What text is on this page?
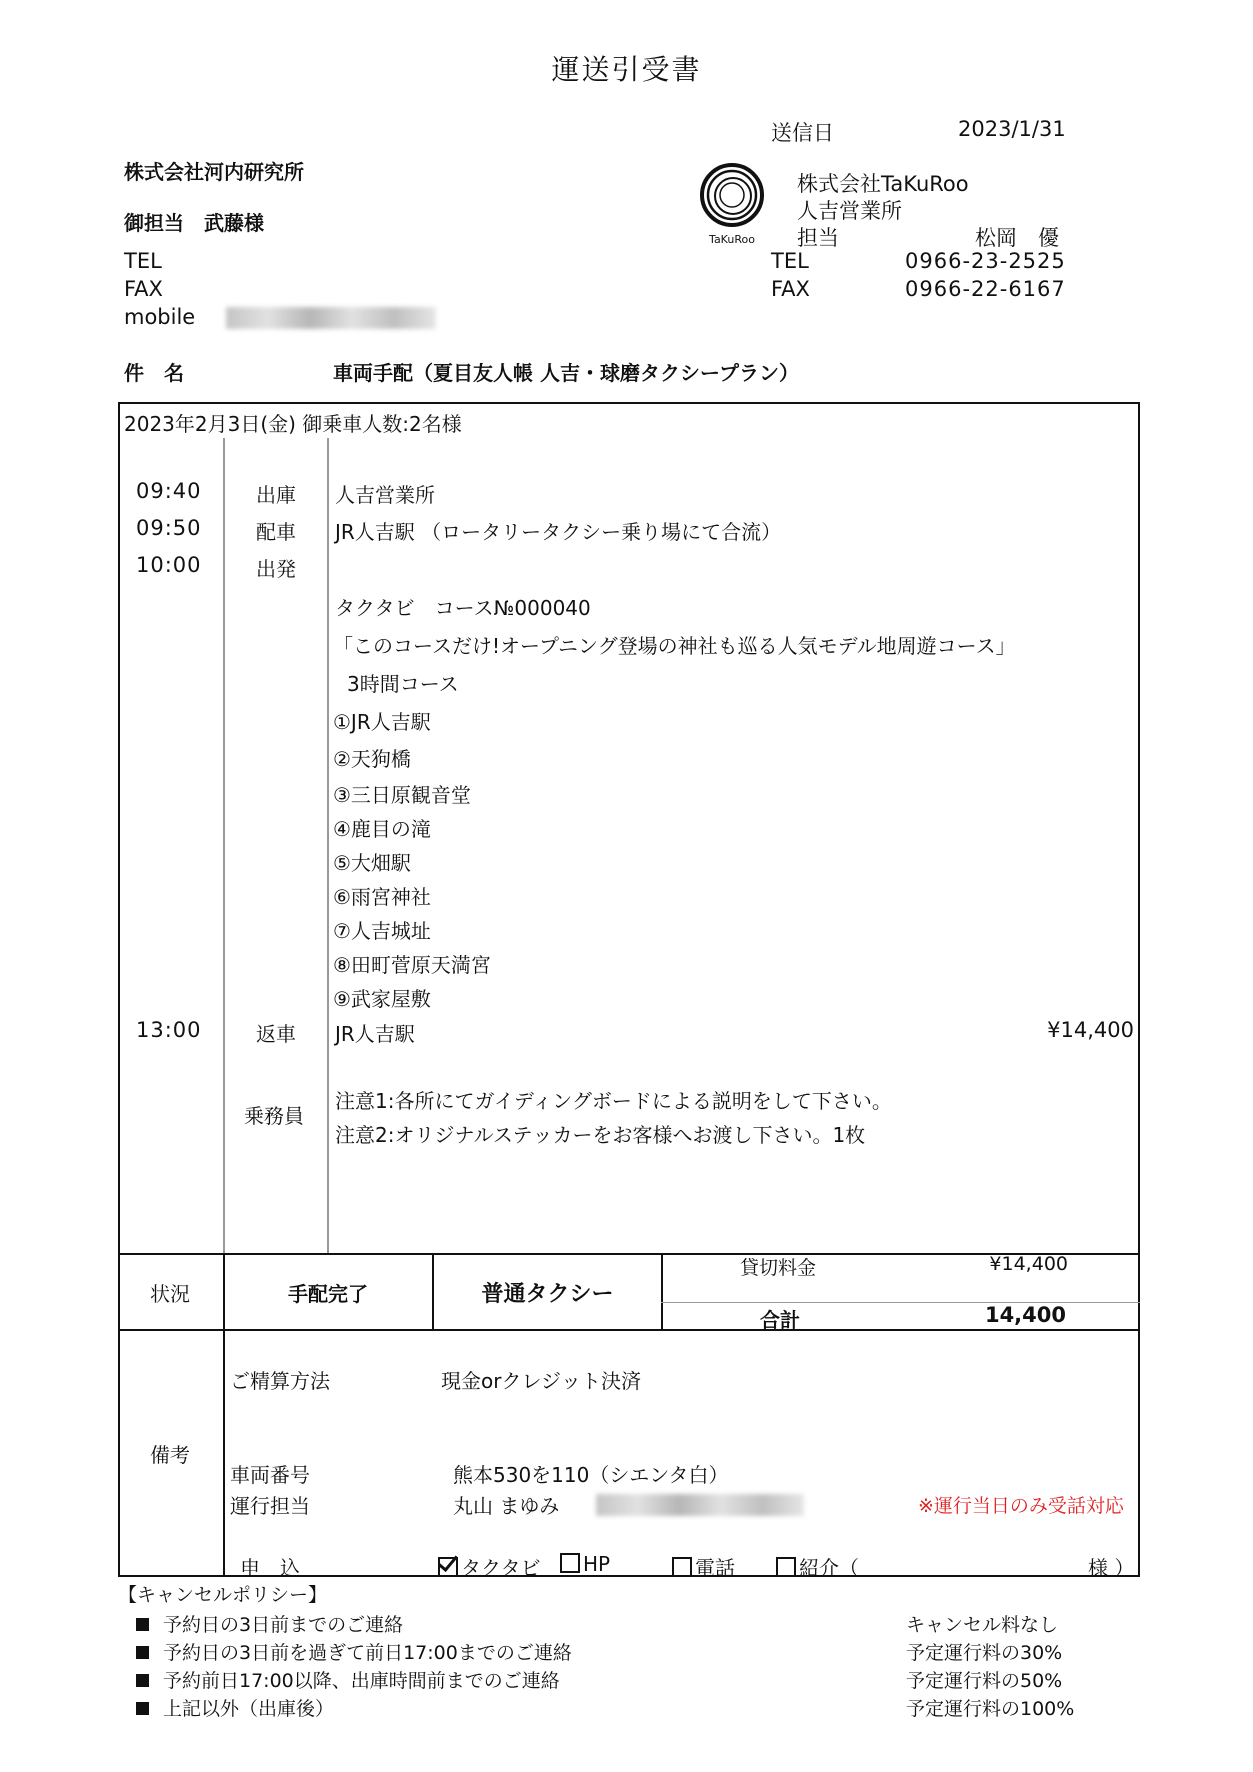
運送引受書
送信日	2023/1/31
株式会社河内研究所
御担当　武藤様
TEL
FAX
mobile
TaKuRoo
株式会社TaKuRoo
人吉営業所
担当	松岡　優
TEL	0966-23-2525
FAX	0966-22-6167
件　名	車両手配（夏目友人帳 人吉・球磨タクシープラン）
2023年2月3日(金) 御乗車人数:2名様
09:40	出庫 人吉営業所
09:50	配車 JR人吉駅 （ロータリータクシー乗り場にて合流）
10:00	出発
タクタビ　コース№000040
「このコースだけ!オープニング登場の神社も巡る人気モデル地周遊コース」
3時間コース
①JR人吉駅
②天狗橋
③三日原観音堂
④鹿目の滝
⑤大畑駅
⑥雨宮神社
⑦人吉城址
⑧田町菅原天満宮
⑨武家屋敷
13:00	返車 JR人吉駅	¥14,400
乗務員
注意1:各所にてガイディングボードによる説明をして下さい。
注意2:オリジナルステッカーをお客様へお渡し下さい。1枚
状況	手配完了	普通タクシー
貸切料金	¥14,400
合計	14,400
備考
ご精算方法	現金orクレジット決済
車両番号	熊本530を110（シエンタ白）
運行担当	丸山 まゆみ	※運行当日のみ受話対応
申　込	タクタビ	HP	電話	紹介（	様 ）
【キャンセルポリシー】
予約日の3日前までのご連絡	キャンセル料なし
予約日の3日前を過ぎて前日17:00までのご連絡	予定運行料の30%
予約前日17:00以降、出庫時間前までのご連絡	予定運行料の50%
上記以外（出庫後）	予定運行料の100%
